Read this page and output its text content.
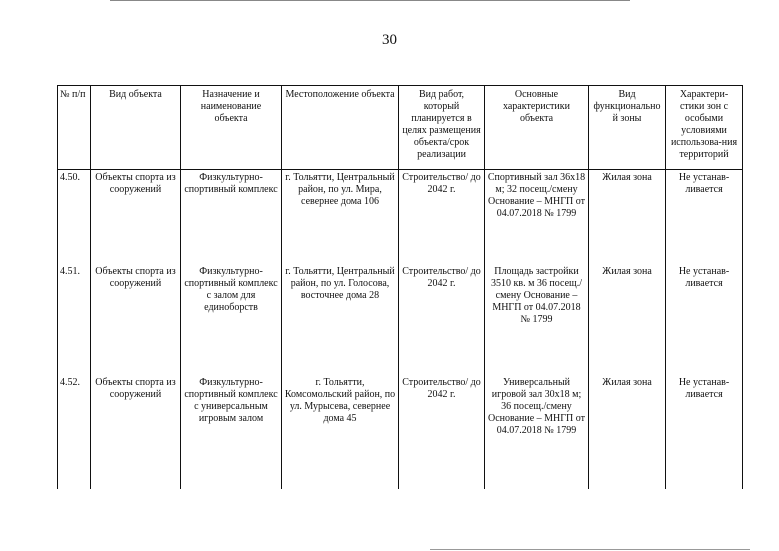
30
№ п/п	Вид объекта	Назначение и наименование объекта	Местоположение объекта	Вид работ, который планируется в целях размещения объекта/срок реализации	Основные характеристики объекта	Вид функционально й зоны	Характери-стики зон с особыми условиями использова-ния территорий
4.50.	Объекты спорта из сооружений	Физкультурно-спортивный комплекс	г. Тольятти, Центральный район, по ул. Мира, севернее дома 106	Строительство/ до 2042 г.	Спортивный зал 36х18 м; 32 посещ./смену Основание – МНГП от 04.07.2018 № 1799	Жилая зона	Не устанав-ливается
4.51.	Объекты спорта из сооружений	Физкультурно-спортивный комплекс с залом для единоборств	г. Тольятти, Центральный район, по ул. Голосова, восточнее дома 28	Строительство/ до 2042 г.	Площадь застройки 3510 кв. м 36 посещ./смену Основание – МНГП от 04.07.2018 № 1799	Жилая зона	Не устанав-ливается
4.52.	Объекты спорта из сооружений	Физкультурно-спортивный комплекс с универсальным игровым залом	г. Тольятти, Комсомольский район, по ул. Мурысева, севернее дома 45	Строительство/ до 2042 г.	Универсальный игровой зал 30х18 м; 36 посещ./смену Основание – МНГП от 04.07.2018 № 1799	Жилая зона	Не устанав-ливается
